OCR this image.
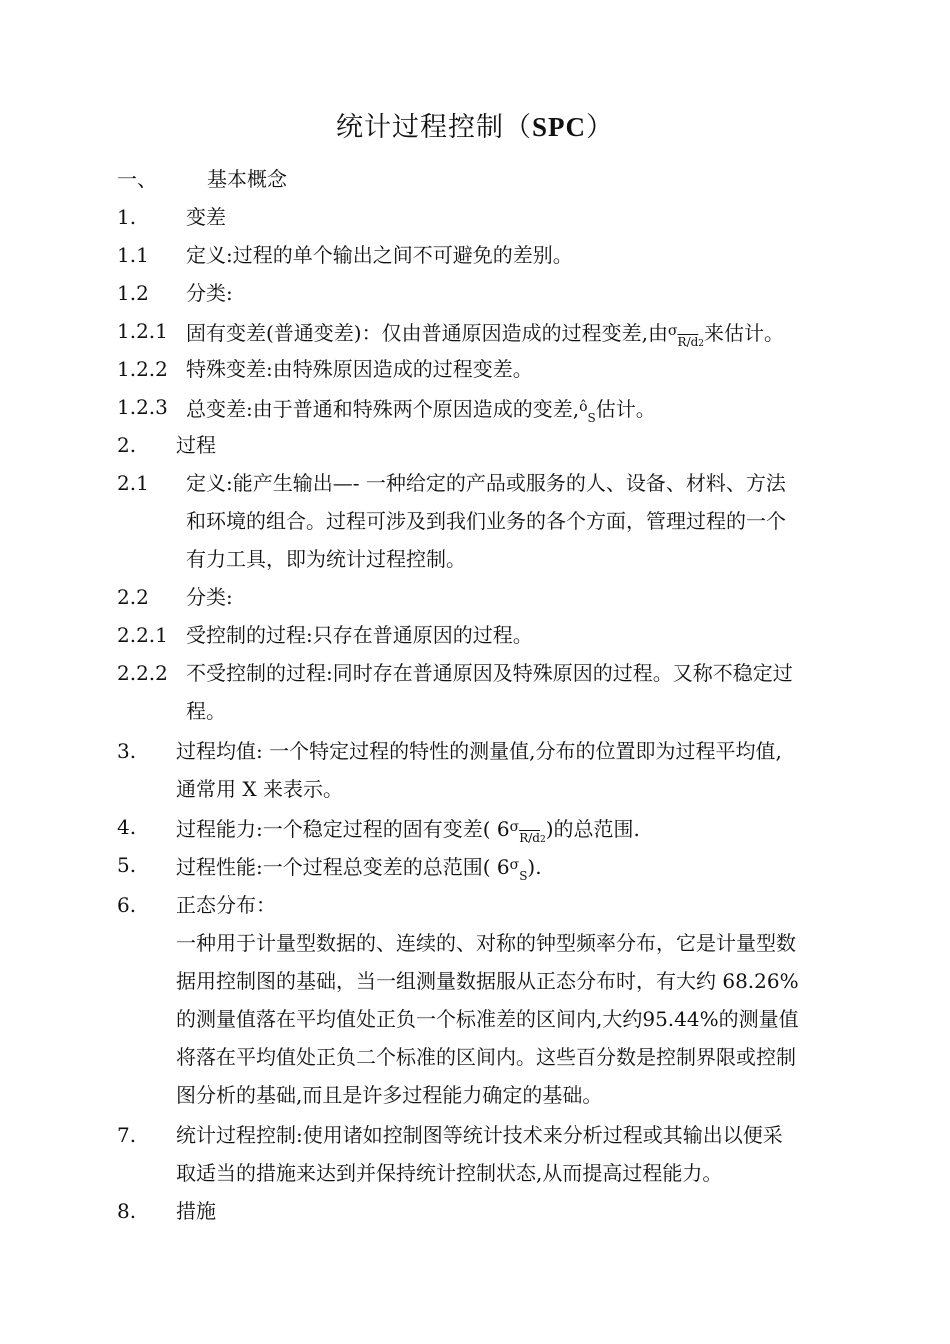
统计过程控制（SPC）
一、	基本概念
1. 变差
1.1 定义:过程的单个输出之间不可避免的差别。
1.2 分类:
1.2.1 固有变差(普通变差)：仅由普通原因造成的过程变差,由$^\sigma_{R/d2}$来估计。
1.2.2 特殊变差:由特殊原因造成的过程变差。
1.2.3 总变差:由于普通和特殊两个原因造成的变差,$^ô_S$估计。
2. 过程
2.1 定义:能产生输出—- 一种给定的产品或服务的人、设备、材料、方法
和环境的组合。过程可涉及到我们业务的各个方面，管理过程的一个
有力工具，即为统计过程控制。
2.2 分类:
2.2.1 受控制的过程:只存在普通原因的过程。
2.2.2 不受控制的过程:同时存在普通原因及特殊原因的过程。又称不稳定过
程。
3. 过程均值: 一个特定过程的特性的测量值,分布的位置即为过程平均值,
通常用 X 来表示。
4. 过程能力:一个稳定过程的固有变差( $6^\sigma_{R/d2}$)的总范围.
5. 过程性能:一个过程总变差的总范围( $6^\sigma_S$).
6. 正态分布：
一种用于计量型数据的、连续的、对称的钟型频率分布，它是计量型数
据用控制图的基础，当一组测量数据服从正态分布时，有大约 68.26%
的测量值落在平均值处正负一个标准差的区间内,大约95.44%的测量值
将落在平均值处正负二个标准的区间内。这些百分数是控制界限或控制
图分析的基础,而且是许多过程能力确定的基础。
7. 统计过程控制:使用诸如控制图等统计技术来分析过程或其输出以便采
取适当的措施来达到并保持统计控制状态,从而提高过程能力。
8. 措施
